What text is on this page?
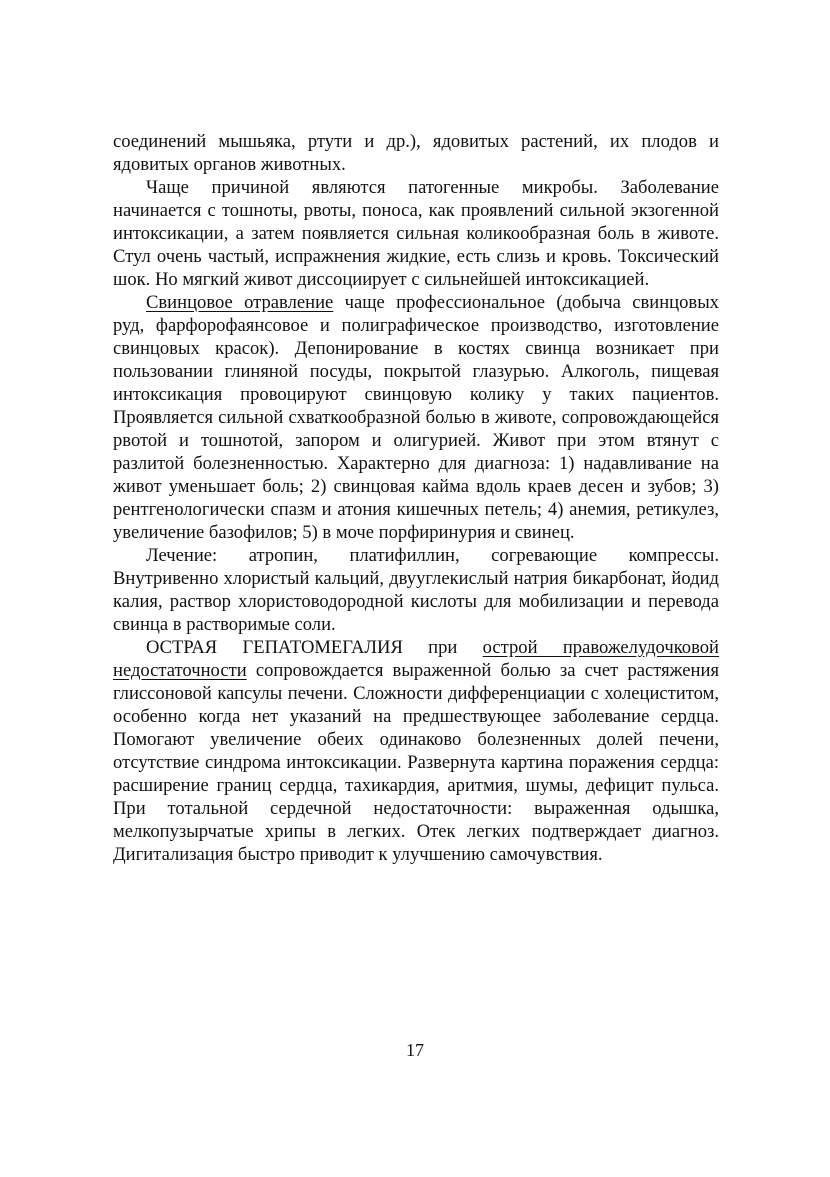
соединений мышьяка, ртути и др.), ядовитых растений, их плодов и ядовитых органов животных.

Чаще причиной являются патогенные микробы. Заболевание начинается с тошноты, рвоты, поноса, как проявлений сильной экзогенной интоксикации, а затем появляется сильная коликообразная боль в животе. Стул очень частый, испражнения жидкие, есть слизь и кровь. Токсический шок. Но мягкий живот диссоциирует с сильнейшей интоксикацией.

Свинцовое отравление чаще профессиональное (добыча свинцовых руд, фарфорофаянсовое и полиграфическое производство, изготовление свинцовых красок). Депонирование в костях свинца возникает при пользовании глиняной посуды, покрытой глазурью. Алкоголь, пищевая интоксикация провоцируют свинцовую колику у таких пациентов. Проявляется сильной схваткообразной болью в животе, сопровождающейся рвотой и тошнотой, запором и олигурией. Живот при этом втянут с разлитой болезненностью. Характерно для диагноза: 1) надавливание на живот уменьшает боль; 2) свинцовая кайма вдоль краев десен и зубов; 3) рентгенологически спазм и атония кишечных петель; 4) анемия, ретикулез, увеличение базофилов; 5) в моче порфиринурия и свинец.

Лечение: атропин, платифиллин, согревающие компрессы. Внутривенно хлористый кальций, двууглекислый натрия бикарбонат, йодид калия, раствор хлористоводородной кислоты для мобилизации и перевода свинца в растворимые соли.

ОСТРАЯ ГЕПАТОМЕГАЛИЯ при острой правожелудочковой недостаточности сопровождается выраженной болью за счет растяжения глиссоновой капсулы печени. Сложности дифференциации с холециститом, особенно когда нет указаний на предшествующее заболевание сердца. Помогают увеличение обеих одинаково болезненных долей печени, отсутствие синдрома интоксикации. Развернута картина поражения сердца: расширение границ сердца, тахикардия, аритмия, шумы, дефицит пульса. При тотальной сердечной недостаточности: выраженная одышка, мелкопузырчатые хрипы в легких. Отек легких подтверждает диагноз. Дигитализация быстро приводит к улучшению самочувствия.

17
